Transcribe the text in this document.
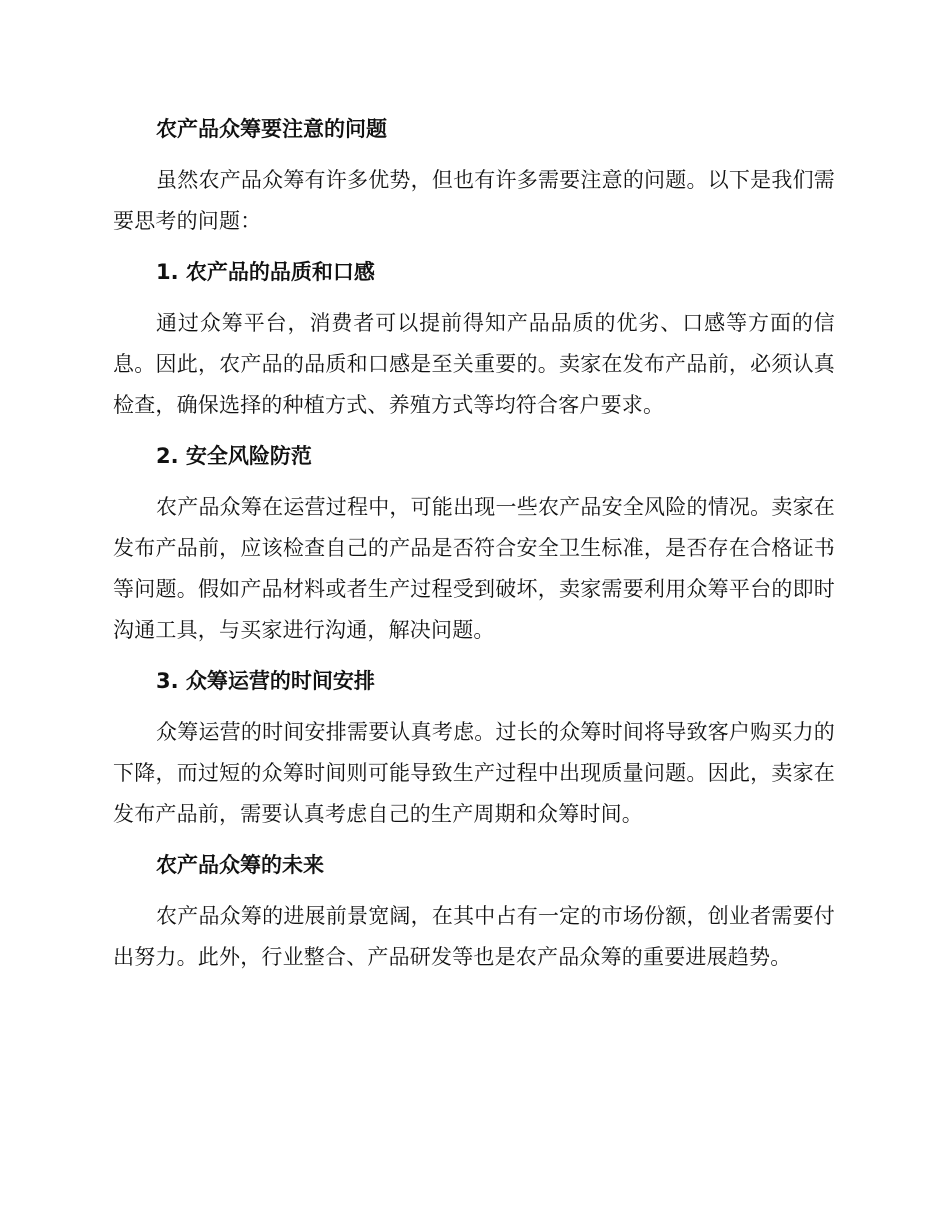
农产品众筹要注意的问题

虽然农产品众筹有许多优势，但也有许多需要注意的问题。以下是我们需要思考的问题：

1. 农产品的品质和口感

通过众筹平台，消费者可以提前得知产品品质的优劣、口感等方面的信息。因此，农产品的品质和口感是至关重要的。卖家在发布产品前，必须认真检查，确保选择的种植方式、养殖方式等均符合客户要求。

2. 安全风险防范

农产品众筹在运营过程中，可能出现一些农产品安全风险的情况。卖家在发布产品前，应该检查自己的产品是否符合安全卫生标准，是否存在合格证书等问题。假如产品材料或者生产过程受到破坏，卖家需要利用众筹平台的即时沟通工具，与买家进行沟通，解决问题。

3. 众筹运营的时间安排

众筹运营的时间安排需要认真考虑。过长的众筹时间将导致客户购买力的下降，而过短的众筹时间则可能导致生产过程中出现质量问题。因此，卖家在发布产品前，需要认真考虑自己的生产周期和众筹时间。

农产品众筹的未来

农产品众筹的进展前景宽阔，在其中占有一定的市场份额，创业者需要付出努力。此外，行业整合、产品研发等也是农产品众筹的重要进展趋势。
